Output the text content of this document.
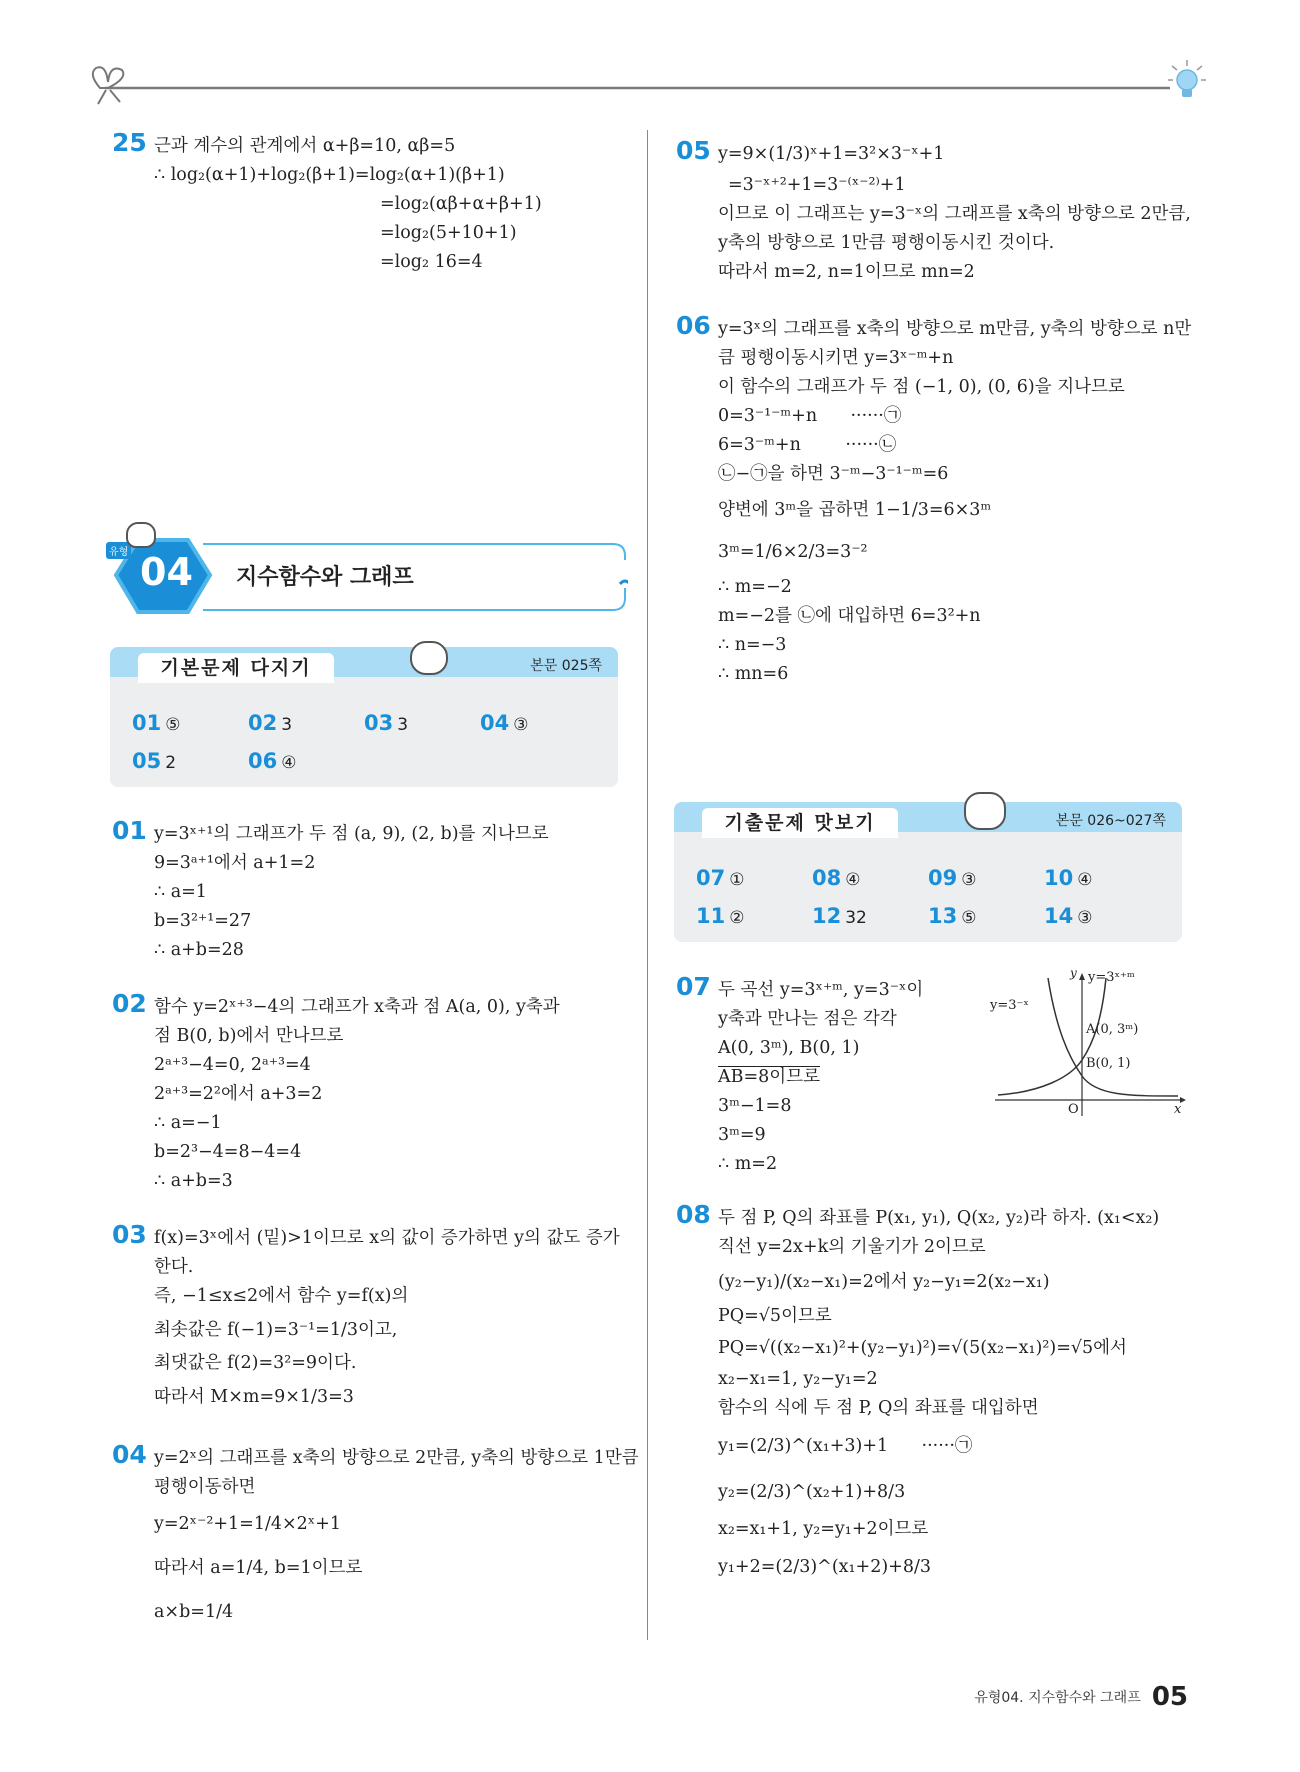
25 근과 계수의 관계에서 α+β=10, αβ=5
∴ log₂(α+1)+log₂(β+1)=log₂(α+1)(β+1)
=log₂(αβ+α+β+1)
=log₂(5+10+1)
=log₂ 16=4
유형 04 지수함수와 그래프
기본문제 다지기	본문 025쪽
01 ⑤	02 3	03 3	04 ③
05 2	06 ④
01 y=3ˣ⁺¹의 그래프가 두 점 (a, 9), (2, b)를 지나므로
9=3ᵃ⁺¹에서 a+1=2
∴ a=1
b=3²⁺¹=27
∴ a+b=28
02 함수 y=2ˣ⁺³−4의 그래프가 x축과 점 A(a, 0), y축과
점 B(0, b)에서 만나므로
2ᵃ⁺³−4=0, 2ᵃ⁺³=4
2ᵃ⁺³=2²에서 a+3=2
∴ a=−1
b=2³−4=8−4=4
∴ a+b=3
03 f(x)=3ˣ에서 (밑)>1이므로 x의 값이 증가하면 y의 값도 증가
한다.
즉, −1≤x≤2에서 함수 y=f(x)의
최솟값은 f(−1)=3⁻¹=1/3이고,
최댓값은 f(2)=3²=9이다.
따라서 M×m=9×1/3=3
04 y=2ˣ의 그래프를 x축의 방향으로 2만큼, y축의 방향으로 1만큼
평행이동하면
y=2ˣ⁻²+1=1/4×2ˣ+1
따라서 a=1/4, b=1이므로
a×b=1/4
05 y=9×(1/3)ˣ+1=3²×3⁻ˣ+1
=3⁻ˣ⁺²+1=3⁻⁽ˣ⁻²⁾+1
이므로 이 그래프는 y=3⁻ˣ의 그래프를 x축의 방향으로 2만큼,
y축의 방향으로 1만큼 평행이동시킨 것이다.
따라서 m=2, n=1이므로 mn=2
06 y=3ˣ의 그래프를 x축의 방향으로 m만큼, y축의 방향으로 n만
큼 평행이동시키면 y=3ˣ⁻ᵐ+n
이 함수의 그래프가 두 점 (−1, 0), (0, 6)을 지나므로
0=3⁻¹⁻ᵐ+n      ······㉠
6=3⁻ᵐ+n        ······㉡
㉡−㉠을 하면 3⁻ᵐ−3⁻¹⁻ᵐ=6
양변에 3ᵐ을 곱하면 1−1/3=6×3ᵐ
3ᵐ=1/6×2/3=3⁻²
∴ m=−2
m=−2를 ㉡에 대입하면 6=3²+n
∴ n=−3
∴ mn=6
기출문제 맛보기	본문 026~027쪽
07 ①	08 ④	09 ③	10 ④
11 ②	12 32	13 ⑤	14 ③
07 두 곡선 y=3ˣ⁺ᵐ, y=3⁻ˣ이
y축과 만나는 점은 각각
A(0, 3ᵐ), B(0, 1)
AB=8이므로
3ᵐ−1=8
3ᵐ=9
∴ m=2
y=3⁻ˣ
y=3ˣ⁺ᵐ
y
A(0, 3ᵐ)
B(0, 1)
O	x
08 두 점 P, Q의 좌표를 P(x₁, y₁), Q(x₂, y₂)라 하자. (x₁<x₂)
직선 y=2x+k의 기울기가 2이므로
(y₂−y₁)/(x₂−x₁)=2에서 y₂−y₁=2(x₂−x₁)
PQ=√5이므로
PQ=√((x₂−x₁)²+(y₂−y₁)²)=√(5(x₂−x₁)²)=√5에서
x₂−x₁=1, y₂−y₁=2
함수의 식에 두 점 P, Q의 좌표를 대입하면
y₁=(2/3)^(x₁+3)+1      ······㉠
y₂=(2/3)^(x₂+1)+8/3
x₂=x₁+1, y₂=y₁+2이므로
y₁+2=(2/3)^(x₁+2)+8/3
유형04. 지수함수와 그래프 05
